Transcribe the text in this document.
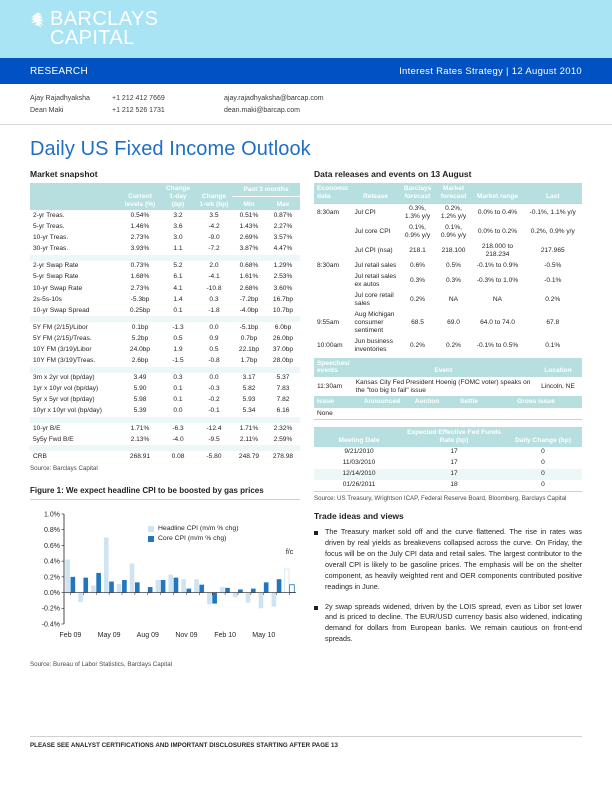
BARCLAYS
CAPITAL
RESEARCH	Interest Rates Strategy | 12 August 2010
Ajay Rajadhyaksha	+1 212 412 7669	ajay.rajadhyaksha@barcap.com
Dean Maki	+1 212 526 1731	dean.maki@barcap.com
Daily US Fixed Income Outlook
Market snapshot
	Current levels (%)	Change 1-day (bp)	Change 1-wk (bp)	Past 3 months	
				Min	Max
2-yr Treas.	0.54%	3.2	3.5	0.51%	0.87%
5-yr Treas.	1.46%	3.6	-4.2	1.43%	2.27%
10-yr Treas.	2.73%	3.0	-9.0	2.69%	3.57%
30-yr Treas.	3.93%	1.1	-7.2	3.87%	4.47%

2-yr Swap Rate	0.73%	5.2	2.0	0.68%	1.29%
5-yr Swap Rate	1.68%	6.1	-4.1	1.61%	2.53%
10-yr Swap Rate	2.73%	4.1	-10.8	2.68%	3.60%
2s-5s-10s	-5.3bp	1.4	0.3	-7.2bp	16.7bp
10-yr Swap Spread	0.25bp	0.1	-1.8	-4.0bp	10.7bp

5Y FM (2/15)/Libor	0.1bp	-1.3	0.0	-5.1bp	6.0bp
5Y FM (2/15)/Treas.	5.2bp	0.5	0.9	0.7bp	26.0bp
10Y FM (3/19)/Libor	24.0bp	1.9	0.5	22.1bp	37.0bp
10Y FM (3/19)/Treas.	2.6bp	-1.5	-0.8	1.7bp	28.0bp

3m x 2yr vol (bp/day)	3.49	0.3	0.0	3.17	5.37
1yr x 10yr vol (bp/day)	5.90	0.1	-0.3	5.82	7.83
5yr x 5yr vol (bp/day)	5.98	0.1	-0.2	5.93	7.82
10yr x 10yr vol (bp/day)	5.39	0.0	-0.1	5.34	6.16

10-yr B/E	1.71%	-6.3	-12.4	1.71%	2.32%
5y5y Fwd B/E	2.13%	-4.0	-9.5	2.11%	2.59%

CRB	268.91	0.08	-5.80	248.79	278.98
Source: Barclays Capital
Figure 1: We expect headline CPI to be boosted by gas prices
1.0%
0.8%
0.6%
0.4%
0.2%
0.0%
-0.2%
-0.4%
Feb 09 May 09 Aug 09 Nov 09 Feb 10 May 10
f/c
Headline CPI (m/m % chg)
Core CPI (m/m % chg)
Source: Bureau of Labor Statistics, Barclays Capital
Data releases and events on 13 August
Economic data	Release	Barclays forecast	Market forecast	Market range	Last
8:30am	Jul CPI	0.3%, 1.3% y/y	0.2%, 1.2% y/y	0.0% to 0.4%	-0.1%, 1.1% y/y
	Jul core CPI	0.1%, 0.9% y/y	0.1%, 0.9% y/y	0.0% to 0.2%	0.2%, 0.9% y/y
	Jul CPI (nsa)	218.1	218.100	218.000 to 218.234	217.965
8:30am	Jul retail sales	0.6%	0.5%	-0.1% to 0.9%	-0.5%
	Jul retail sales ex autos	0.3%	0.3%	-0.3% to 1.0%	-0.1%
	Jul core retail sales	0.2%	NA	NA	0.2%
9:55am	Aug Michigan consumer sentiment	68.5	69.0	64.0 to 74.0	67.8
10:00am	Jun business inventories	0.2%	0.2%	-0.1% to 0.5%	0.1%
Speeches/ events	Event	Location
11:30am	Kansas City Fed President Hoenig (FOMC voter) speaks on the "too big to fail" issue	Lincoln, NE
Issue	Announced	Auction	Settle	Gross issue
None				
Meeting Date	Expected Effective Fed Funds Rate (bp)	Daily Change (bp)
9/21/2010	17	0
11/03/2010	17	0
12/14/2010	17	0
01/26/2011	18	0
Source: US Treasury, Wrightson ICAP, Federal Reserve Board, Bloomberg, Barclays Capital
Trade ideas and views
The Treasury market sold off and the curve flattened. The rise in rates was driven by real yields as breakevens collapsed across the curve. On Friday, the focus will be on the July CPI data and retail sales. The largest contributor to the overall CPI is likely to be gasoline prices. The emphasis will be on the shelter component, as heavily weighted rent and OER components contributed positive readings in June.
2y swap spreads widened, driven by the LOIS spread, even as Libor set lower and is priced to decline. The EUR/USD currency basis also widened, indicating demand for dollars from European banks. We remain cautious on front-end spreads.
PLEASE SEE ANALYST CERTIFICATIONS AND IMPORTANT DISCLOSURES STARTING AFTER PAGE 13
